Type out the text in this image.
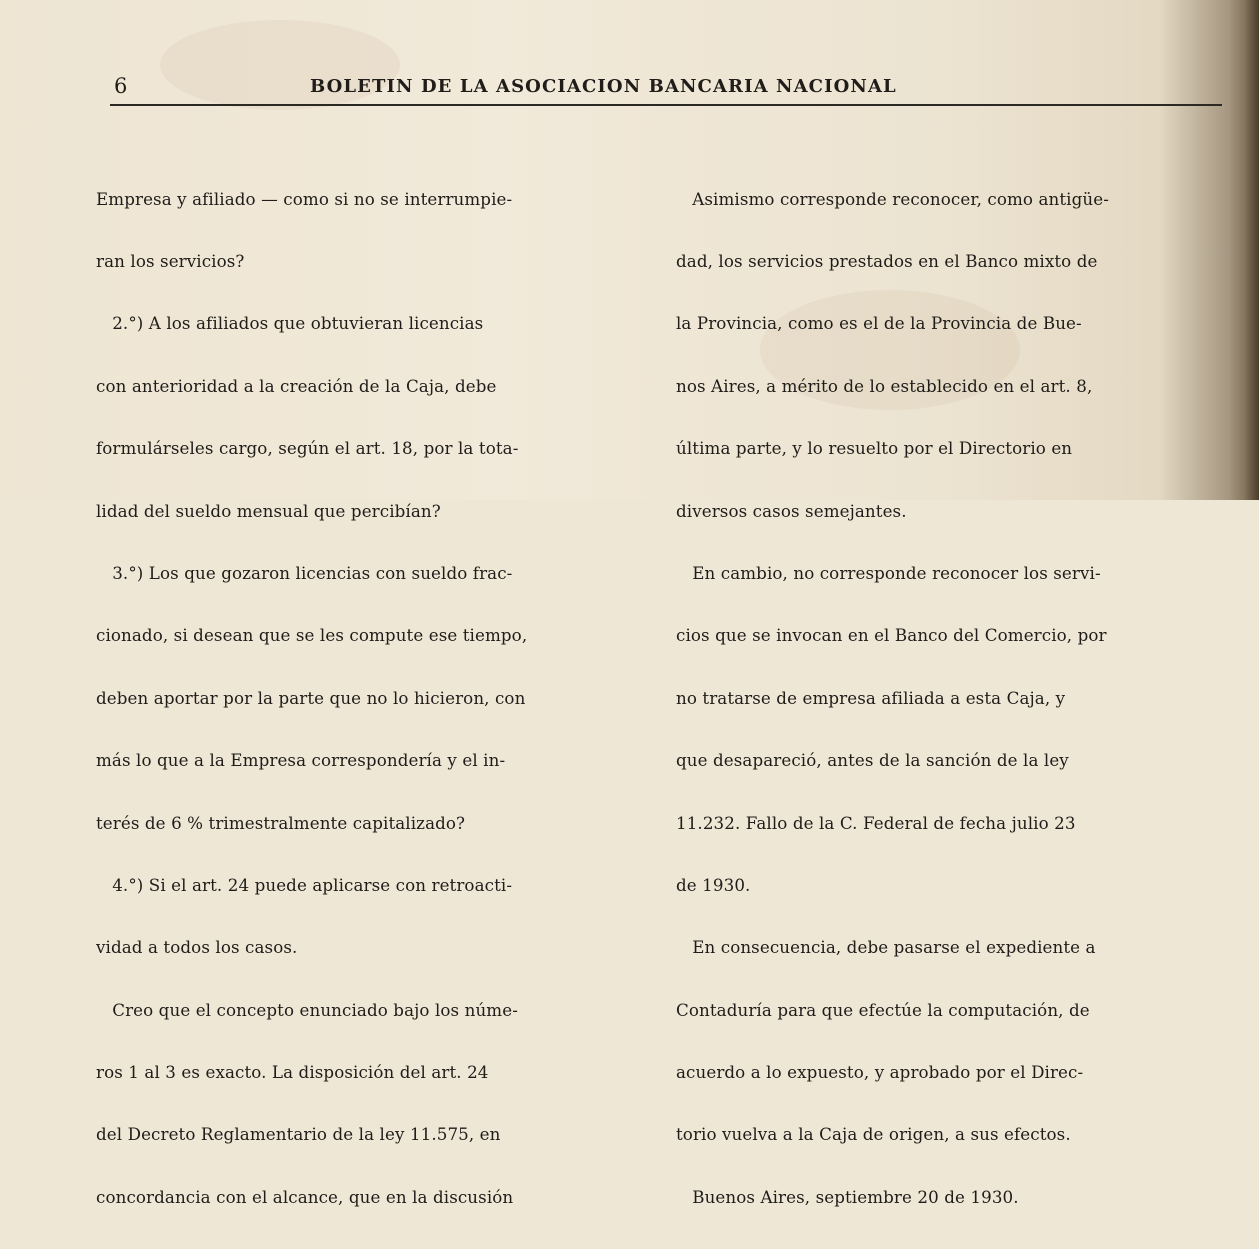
6	BOLETIN DE LA ASOCIACION BANCARIA NACIONAL

Empresa y afiliado — como si no se interrumpie-

ran los servicios?

2.°) A los afiliados que obtuvieran licencias

con anterioridad a la creación de la Caja, debe

formulárseles cargo, según el art. 18, por la tota-

lidad del sueldo mensual que percibían?

3.°) Los que gozaron licencias con sueldo frac-

cionado, si desean que se les compute ese tiempo,

deben aportar por la parte que no lo hicieron, con

más lo que a la Empresa correspondería y el in-

terés de 6 % trimestralmente capitalizado?

4.°) Si el art. 24 puede aplicarse con retroacti-

vidad a todos los casos.

Creo que el concepto enunciado bajo los núme-

ros 1 al 3 es exacto. La disposición del art. 24

del Decreto Reglamentario de la ley 11.575, en

concordancia con el alcance, que en la discusión

Asimismo corresponde reconocer, como antigüe-

dad, los servicios prestados en el Banco mixto de

la Provincia, como es el de la Provincia de Bue-

nos Aires, a mérito de lo establecido en el art. 8,

última parte, y lo resuelto por el Directorio en

diversos casos semejantes.

En cambio, no corresponde reconocer los servi-

cios que se invocan en el Banco del Comercio, por

no tratarse de empresa afiliada a esta Caja, y

que desapareció, antes de la sanción de la ley

11.232. Fallo de la C. Federal de fecha julio 23

de 1930.

En consecuencia, debe pasarse el expediente a

Contaduría para que efectúe la computación, de

acuerdo a lo expuesto, y aprobado por el Direc-

torio vuelva a la Caja de origen, a sus efectos.

Buenos Aires, septiembre 20 de 1930.
